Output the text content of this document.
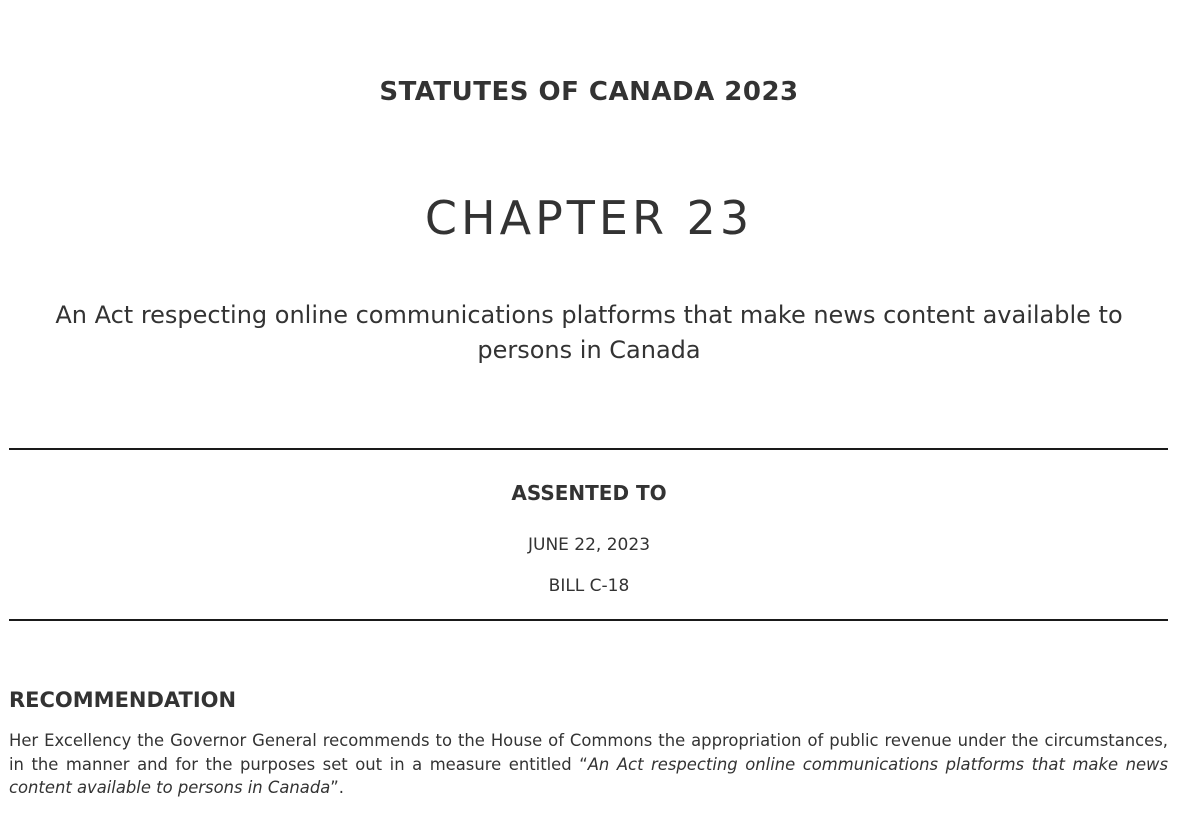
STATUTES OF CANADA 2023
CHAPTER 23

An Act respecting online communications platforms that make news content available to persons in Canada

ASSENTED TO

JUNE 22, 2023

BILL C-18

RECOMMENDATION

Her Excellency the Governor General recommends to the House of Commons the appropriation of public revenue under the circumstances, in the manner and for the purposes set out in a measure entitled “An Act respecting online communications platforms that make news content available to persons in Canada”.
